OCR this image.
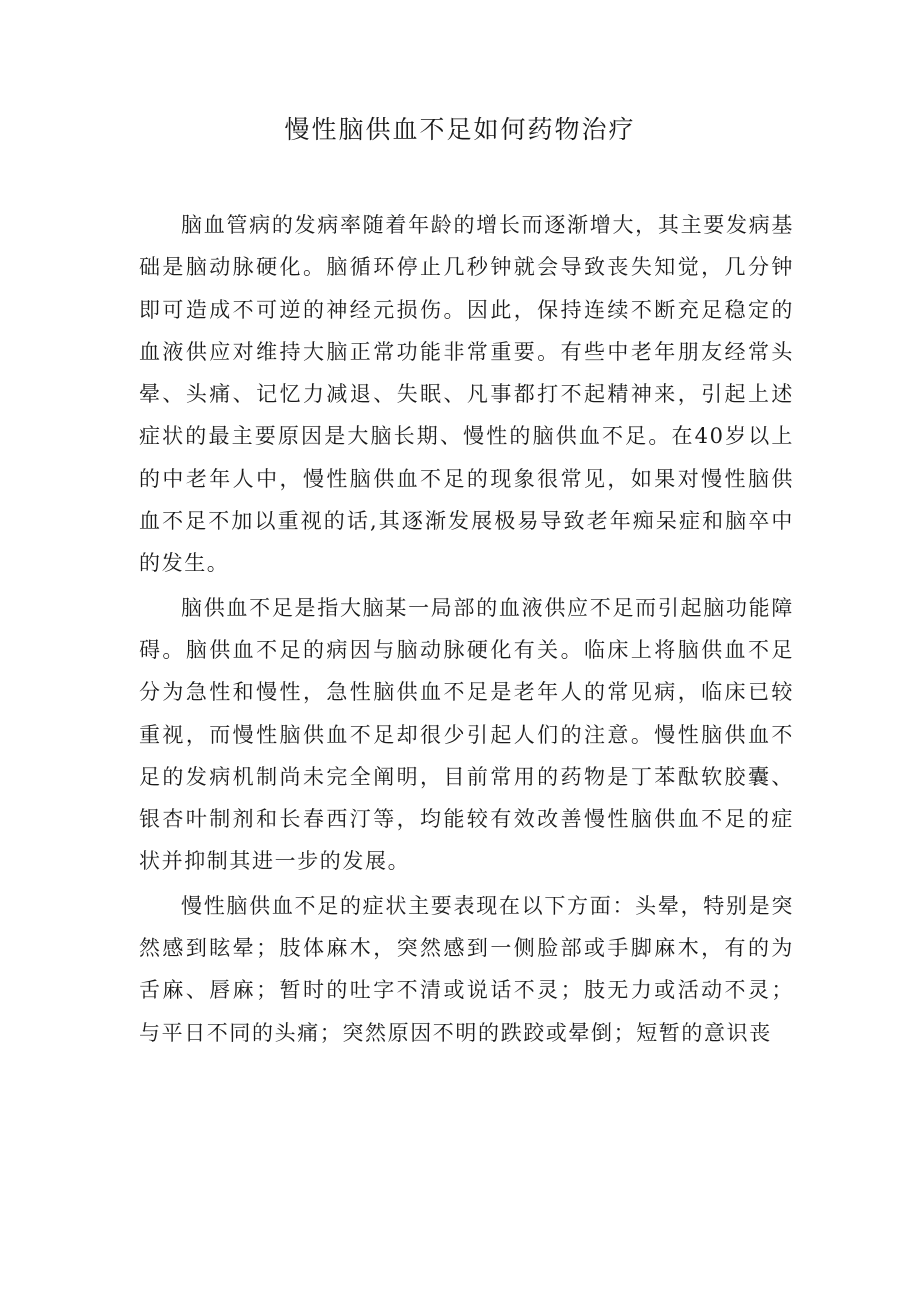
慢性脑供血不足如何药物治疗

脑血管病的发病率随着年龄的增长而逐渐增大，其主要发病基础是脑动脉硬化。脑循环停止几秒钟就会导致丧失知觉，几分钟即可造成不可逆的神经元损伤。因此，保持连续不断充足稳定的血液供应对维持大脑正常功能非常重要。有些中老年朋友经常头晕、头痛、记忆力减退、失眠、凡事都打不起精神来，引起上述症状的最主要原因是大脑长期、慢性的脑供血不足。在40岁以上的中老年人中，慢性脑供血不足的现象很常见，如果对慢性脑供血不足不加以重视的话,其逐渐发展极易导致老年痴呆症和脑卒中的发生。

脑供血不足是指大脑某一局部的血液供应不足而引起脑功能障碍。脑供血不足的病因与脑动脉硬化有关。临床上将脑供血不足分为急性和慢性，急性脑供血不足是老年人的常见病，临床已较重视，而慢性脑供血不足却很少引起人们的注意。慢性脑供血不足的发病机制尚未完全阐明，目前常用的药物是丁苯酞软胶囊、银杏叶制剂和长春西汀等，均能较有效改善慢性脑供血不足的症状并抑制其进一步的发展。

慢性脑供血不足的症状主要表现在以下方面：头晕，特别是突然感到眩晕；肢体麻木，突然感到一侧脸部或手脚麻木，有的为舌麻、唇麻；暂时的吐字不清或说话不灵；肢无力或活动不灵；与平日不同的头痛；突然原因不明的跌跤或晕倒；短暂的意识丧
